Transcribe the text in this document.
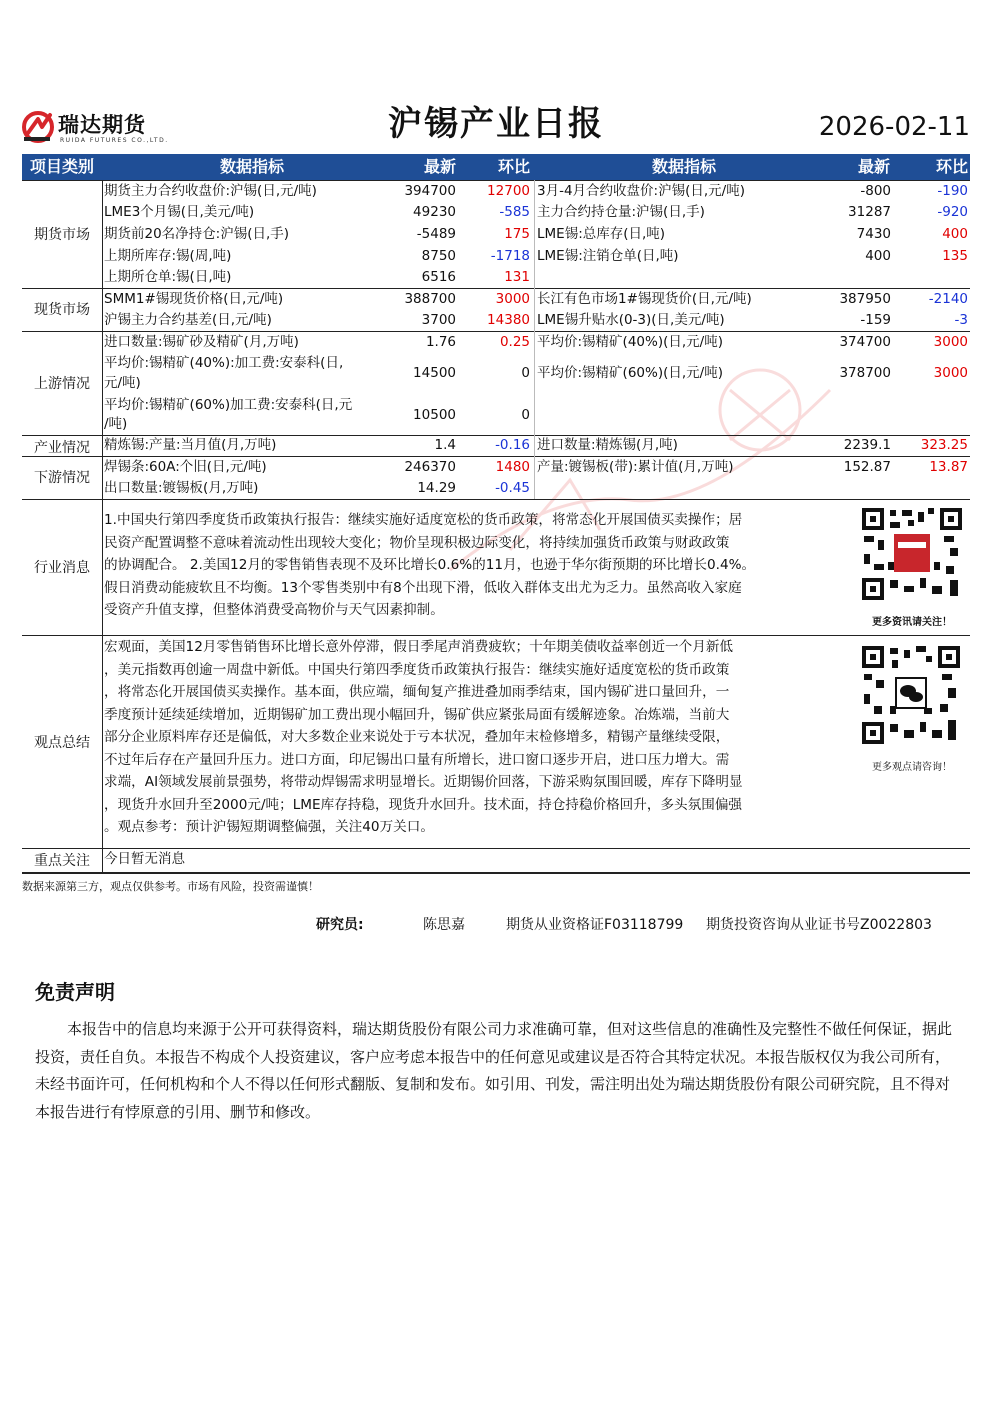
瑞达期货
RUIDA FUTURES CO.,LTD.	沪锡产业日报	2026-02-11
项目类别	数据指标	最新	环比	数据指标	最新	环比
期货市场
期货主力合约收盘价:沪锡(日,元/吨)	394700	12700 3月-4月合约收盘价:沪锡(日,元/吨)	-800	-190
LME3个月锡(日,美元/吨)	49230	-585 主力合约持仓量:沪锡(日,手)	31287	-920
期货前20名净持仓:沪锡(日,手)	-5489	175 LME锡:总库存(日,吨)	7430	400
上期所库存:锡(周,吨)	8750	-1718 LME锡:注销仓单(日,吨)	400	135
上期所仓单:锡(日,吨)	6516	131
现货市场
SMM1#锡现货价格(日,元/吨)	388700	3000 长江有色市场1#锡现货价(日,元/吨)	387950	-2140
沪锡主力合约基差(日,元/吨)	3700	14380 LME锡升贴水(0-3)(日,美元/吨)	-159	-3
上游情况
进口数量:锡矿砂及精矿(月,万吨)	1.76	0.25 平均价:锡精矿(40%)(日,元/吨)	374700	3000
平均价:锡精矿(40%):加工费:安泰科(日,
元/吨)
14500	0 平均价:锡精矿(60%)(日,元/吨)	378700	3000
平均价:锡精矿(60%)加工费:安泰科(日,元
/吨)
10500	0
产业情况	精炼锡:产量:当月值(月,万吨)	1.4	-0.16 进口数量:精炼锡(月,吨)	2239.1	323.25
下游情况
焊锡条:60A:个旧(日,元/吨)	246370	1480 产量:镀锡板(带):累计值(月,万吨)	152.87	13.87
出口数量:镀锡板(月,万吨)	14.29	-0.45
行业消息
1.中国央行第四季度货币政策执行报告：继续实施好适度宽松的货币政策，将常态化开展国债买卖操作；居
民资产配置调整不意味着流动性出现较大变化；物价呈现积极边际变化，将持续加强货币政策与财政政策
的协调配合。 2.美国12月的零售销售表现不及环比增长0.6%的11月，也逊于华尔街预期的环比增长0.4%。
假日消费动能疲软且不均衡。13个零售类别中有8个出现下滑，低收入群体支出尤为乏力。虽然高收入家庭
受资产升值支撑，但整体消费受高物价与天气因素抑制。
更多资讯请关注！
观点总结
宏观面，美国12月零售销售环比增长意外停滞，假日季尾声消费疲软；十年期美债收益率创近一个月新低
，美元指数再创逾一周盘中新低。中国央行第四季度货币政策执行报告：继续实施好适度宽松的货币政策
，将常态化开展国债买卖操作。基本面，供应端，缅甸复产推进叠加雨季结束，国内锡矿进口量回升，一
季度预计延续延续增加，近期锡矿加工费出现小幅回升，锡矿供应紧张局面有缓解迹象。冶炼端，当前大
部分企业原料库存还是偏低，对大多数企业来说处于亏本状况，叠加年末检修增多，精锡产量继续受限，
不过年后存在产量回升压力。进口方面，印尼锡出口量有所增长，进口窗口逐步开启，进口压力增大。需
求端，AI领域发展前景强势，将带动焊锡需求明显增长。近期锡价回落，下游采购氛围回暖，库存下降明显
，现货升水回升至2000元/吨；LME库存持稳，现货升水回升。技术面，持仓持稳价格回升，多头氛围偏强
。观点参考：预计沪锡短期调整偏强，关注40万关口。
更多观点请咨询！
重点关注	今日暂无消息
数据来源第三方，观点仅供参考。市场有风险，投资需谨慎！
研究员:	陈思嘉	期货从业资格证F03118799 期货投资咨询从业证书号Z0022803
免责声明
本报告中的信息均来源于公开可获得资料，瑞达期货股份有限公司力求准确可靠，但对这些信息的准确性及完整性不做任何保证，据此投资，责任自负。本报告不构成个人投资建议，客户应考虑本报告中的任何意见或建议是否符合其特定状况。本报告版权仅为我公司所有，未经书面许可，任何机构和个人不得以任何形式翻版、复制和发布。如引用、刊发，需注明出处为瑞达期货股份有限公司研究院，且不得对本报告进行有悖原意的引用、删节和修改。
